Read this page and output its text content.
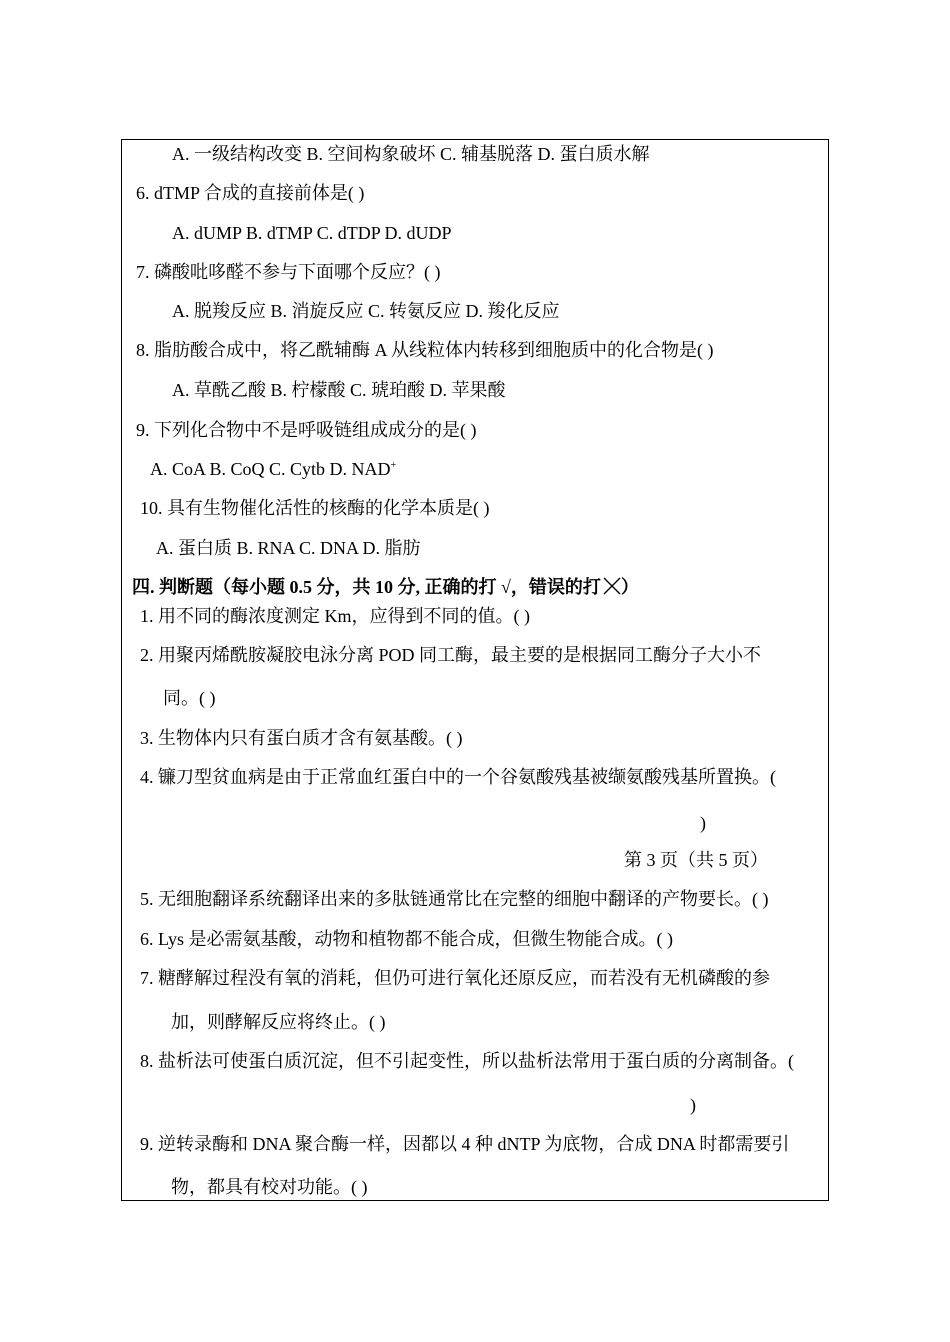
A. 一级结构改变 B. 空间构象破坏 C. 辅基脱落 D. 蛋白质水解
6. dTMP 合成的直接前体是( )
A. dUMP B. dTMP C. dTDP D. dUDP
7. 磷酸吡哆醛不参与下面哪个反应？( )
A. 脱羧反应 B. 消旋反应 C. 转氨反应 D. 羧化反应
8. 脂肪酸合成中，将乙酰辅酶 A 从线粒体内转移到细胞质中的化合物是( )
A. 草酰乙酸 B. 柠檬酸 C. 琥珀酸 D. 苹果酸
9. 下列化合物中不是呼吸链组成成分的是( )
A. CoA B. CoQ C. Cytb D. NAD+
10. 具有生物催化活性的核酶的化学本质是( )
A. 蛋白质 B. RNA C. DNA D. 脂肪
四. 判断题（每小题 0.5 分，共 10 分, 正确的打 √，错误的打 ）
1. 用不同的酶浓度测定 Km，应得到不同的值。( )
2. 用聚丙烯酰胺凝胶电泳分离 POD 同工酶，最主要的是根据同工酶分子大小不
同。( )
3. 生物体内只有蛋白质才含有氨基酸。( )
4. 镰刀型贫血病是由于正常血红蛋白中的一个谷氨酸残基被缬氨酸残基所置换。(
)
第 3 页（共 5 页）
5. 无细胞翻译系统翻译出来的多肽链通常比在完整的细胞中翻译的产物要长。( )
6. Lys 是必需氨基酸，动物和植物都不能合成，但微生物能合成。( )
7. 糖酵解过程没有氧的消耗，但仍可进行氧化还原反应，而若没有无机磷酸的参
加，则酵解反应将终止。( )
8. 盐析法可使蛋白质沉淀，但不引起变性，所以盐析法常用于蛋白质的分离制备。(
)
9. 逆转录酶和 DNA 聚合酶一样，因都以 4 种 dNTP 为底物，合成 DNA 时都需要引
物，都具有校对功能。( )
